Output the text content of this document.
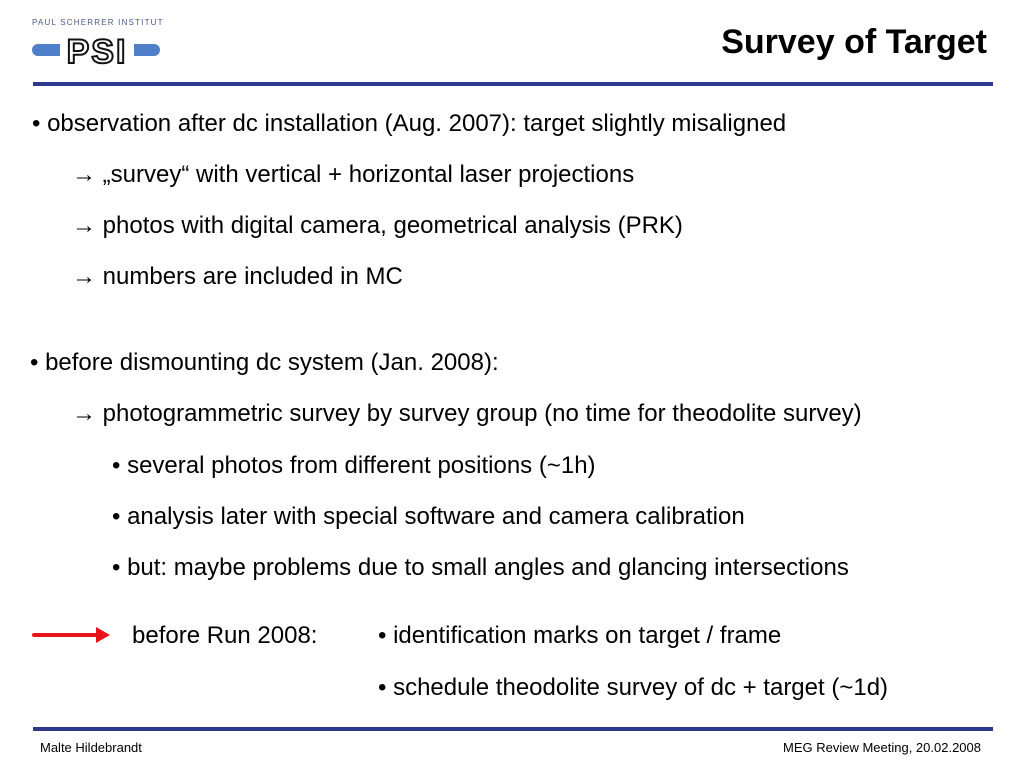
PAUL SCHERRER INSTITUT
PSI	Survey of Target
• observation after dc installation (Aug. 2007): target slightly misaligned
→ „survey“ with vertical + horizontal laser projections
→ photos with digital camera, geometrical analysis (PRK)
→ numbers are included in MC
• before dismounting dc system (Jan. 2008):
→ photogrammetric survey by survey group (no time for theodolite survey)
• several photos from different positions (~1h)
• analysis later with special software and camera calibration
• but: maybe problems due to small angles and glancing intersections
before Run 2008:	• identification marks on target / frame
• schedule theodolite survey of dc + target (~1d)
Malte Hildebrandt	MEG Review Meeting, 20.02.2008
